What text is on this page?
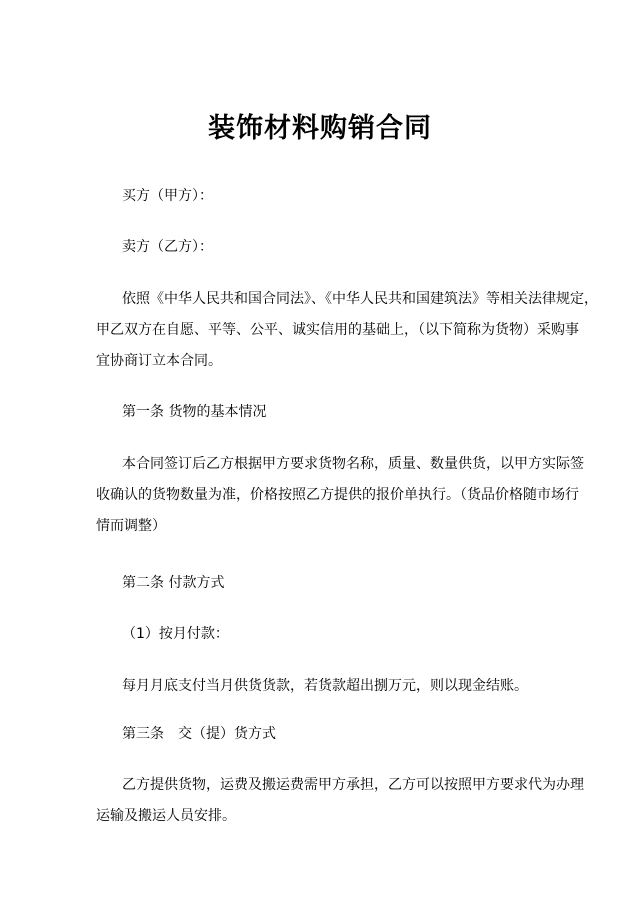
装饰材料购销合同
买方（甲方）：
卖方（乙方）：
依照《中华人民共和国合同法》、《中华人民共和国建筑法》等相关法律规定，
甲乙双方在自愿、平等、公平、诚实信用的基础上，（以下简称为货物）采购事
宜协商订立本合同。
第一条 货物的基本情况
本合同签订后乙方根据甲方要求货物名称，质量、数量供货，以甲方实际签
收确认的货物数量为准，价格按照乙方提供的报价单执行。（货品价格随市场行
情而调整）
第二条 付款方式
（1）按月付款：
每月月底支付当月供货货款，若货款超出捌万元，则以现金结账。
第三条　交（提）货方式
乙方提供货物，运费及搬运费需甲方承担，乙方可以按照甲方要求代为办理
运输及搬运人员安排。
